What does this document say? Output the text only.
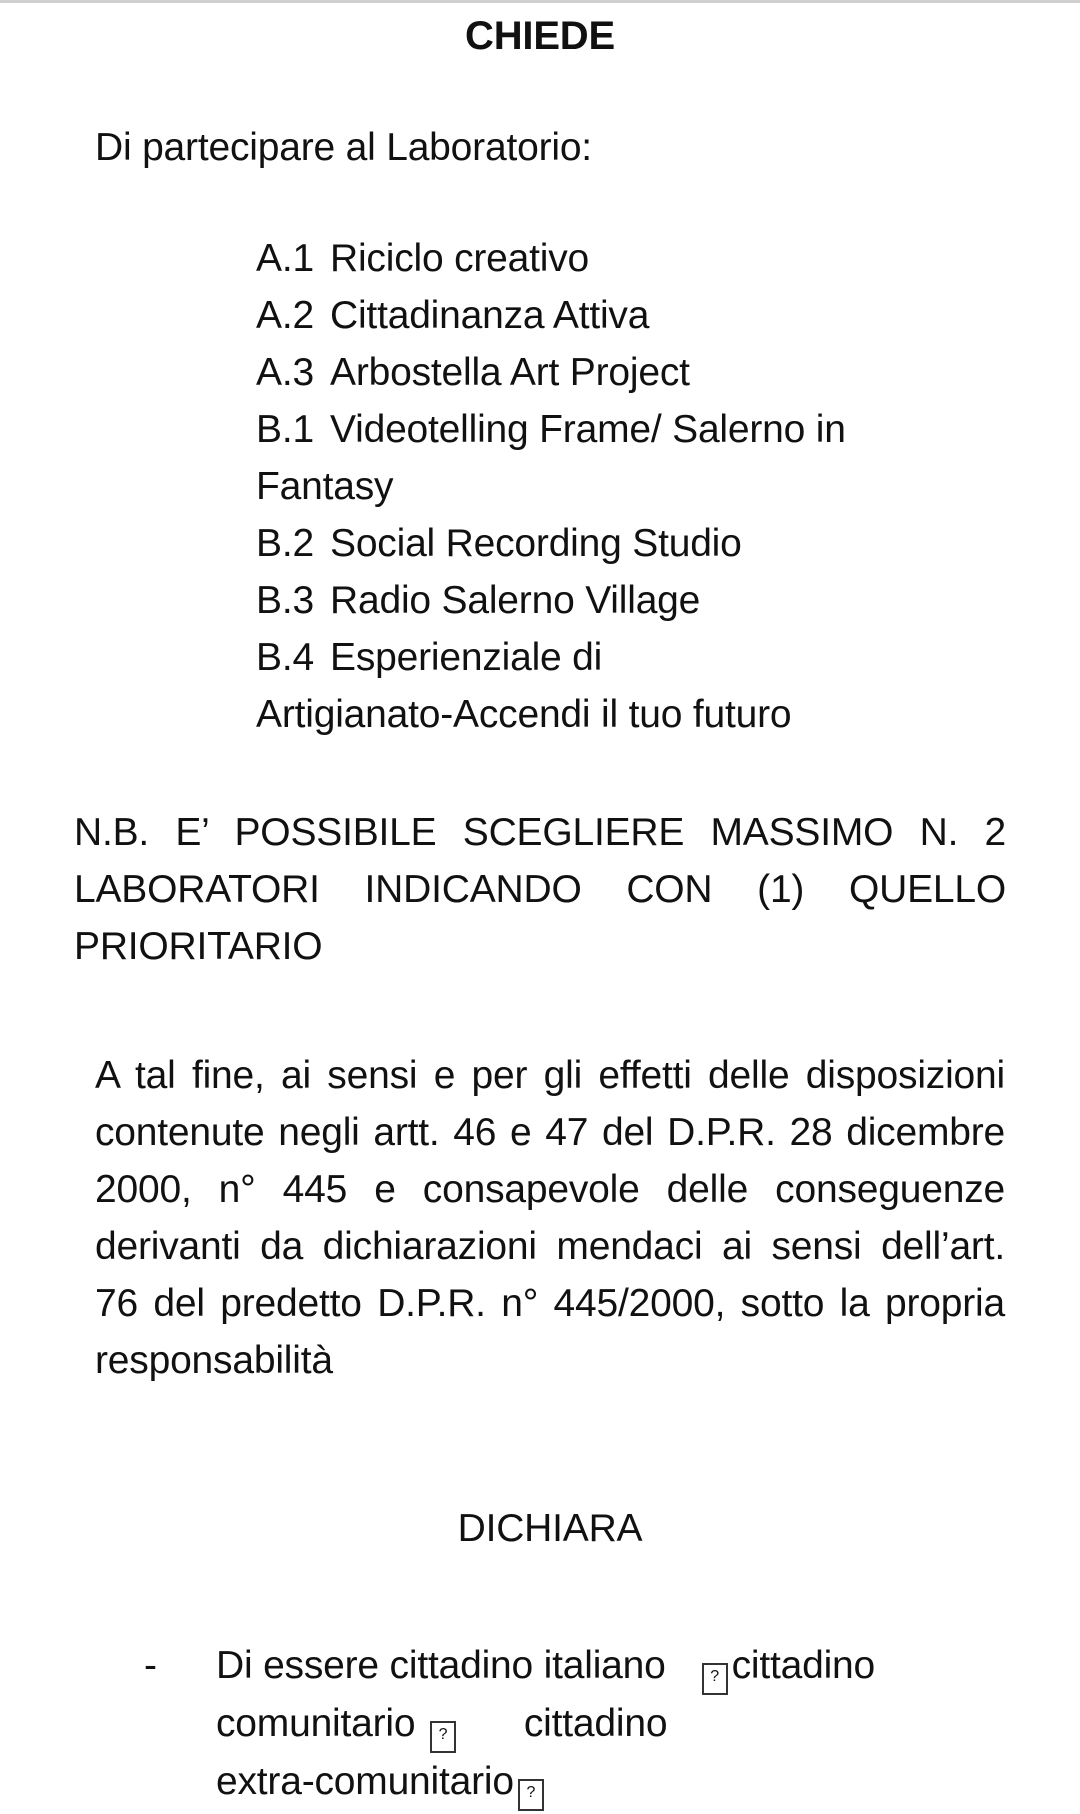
CHIEDE

Di partecipare al Laboratorio:

A.1 Riciclo creativo

A.2 Cittadinanza Attiva

A.3 Arbostella Art Project

B.1 Videotelling Frame/ Salerno in

Fantasy

B.2 Social Recording Studio

B.3 Radio Salerno Village

B.4 Esperienziale di

Artigianato-Accendi il tuo futuro

N.B. E’ POSSIBILE SCEGLIERE MASSIMO N. 2 LABORATORI INDICANDO CON (1) QUELLO PRIORITARIO

A tal fine, ai sensi e per gli effetti delle disposizioni contenute negli artt. 46 e 47 del D.P.R. 28 dicembre 2000, n° 445 e consapevole delle conseguenze derivanti da dichiarazioni mendaci ai sensi dell’art. 76 del predetto D.P.R. n° 445/2000, sotto la propria responsabilità

DICHIARA

- Di essere cittadino italiano	? cittadino
comunitario ? cittadino
extra-comunitario ?
